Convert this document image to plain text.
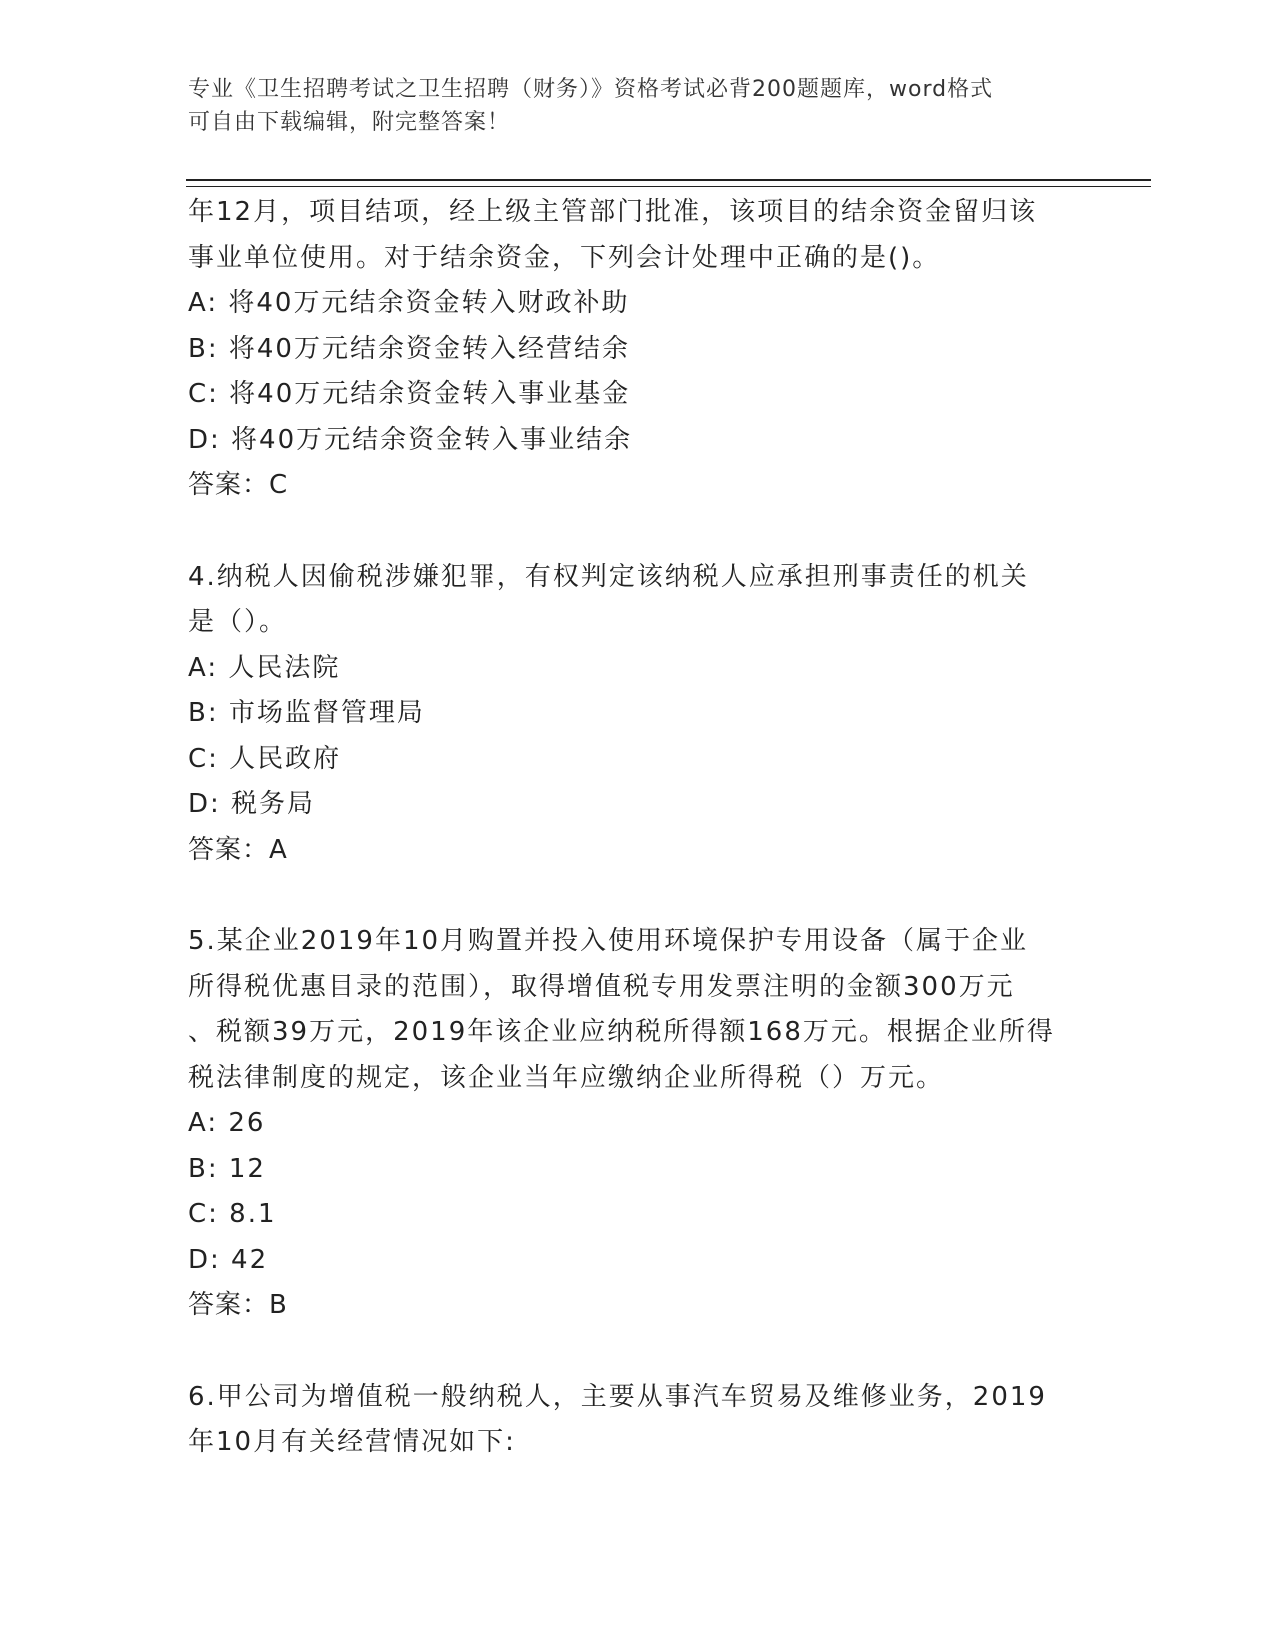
专业《卫生招聘考试之卫生招聘（财务）》资格考试必背200题题库，word格式
可自由下载编辑，附完整答案！
年12月，项目结项，经上级主管部门批准，该项目的结余资金留归该
事业单位使用。对于结余资金，下列会计处理中正确的是()。
A: 将40万元结余资金转入财政补助
B: 将40万元结余资金转入经营结余
C: 将40万元结余资金转入事业基金
D: 将40万元结余资金转入事业结余
答案：C
4.纳税人因偷税涉嫌犯罪，有权判定该纳税人应承担刑事责任的机关
是（）。
A: 人民法院
B: 市场监督管理局
C: 人民政府
D: 税务局
答案：A
5.某企业2019年10月购置并投入使用环境保护专用设备（属于企业
所得税优惠目录的范围），取得增值税专用发票注明的金额300万元
、税额39万元，2019年该企业应纳税所得额168万元。根据企业所得
税法律制度的规定，该企业当年应缴纳企业所得税（）万元。
A: 26
B: 12
C: 8.1
D: 42
答案：B
6.甲公司为增值税一般纳税人，主要从事汽车贸易及维修业务，2019
年10月有关经营情况如下:
